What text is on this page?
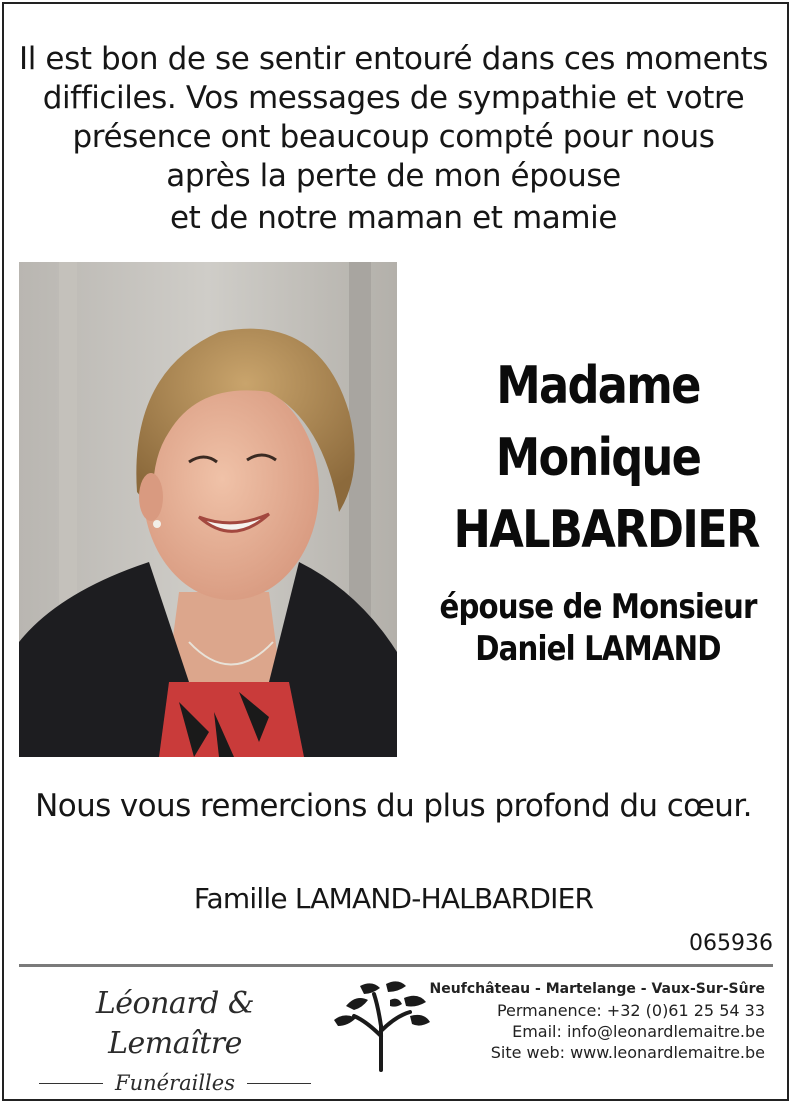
Il est bon de se sentir entouré dans ces moments
difficiles. Vos messages de sympathie et votre
présence ont beaucoup compté pour nous
après la perte de mon épouse
et de notre maman et mamie
Madame
Monique
HALBARDIER
épouse de Monsieur
Daniel LAMAND
Nous vous remercions du plus profond du cœur.
Famille LAMAND-HALBARDIER
065936
Léonard & Lemaître
Funérailles
Neufchâteau - Martelange - Vaux-Sur-Sûre
Permanence: +32 (0)61 25 54 33
Email: info@leonardlemaitre.be
Site web: www.leonardlemaitre.be
